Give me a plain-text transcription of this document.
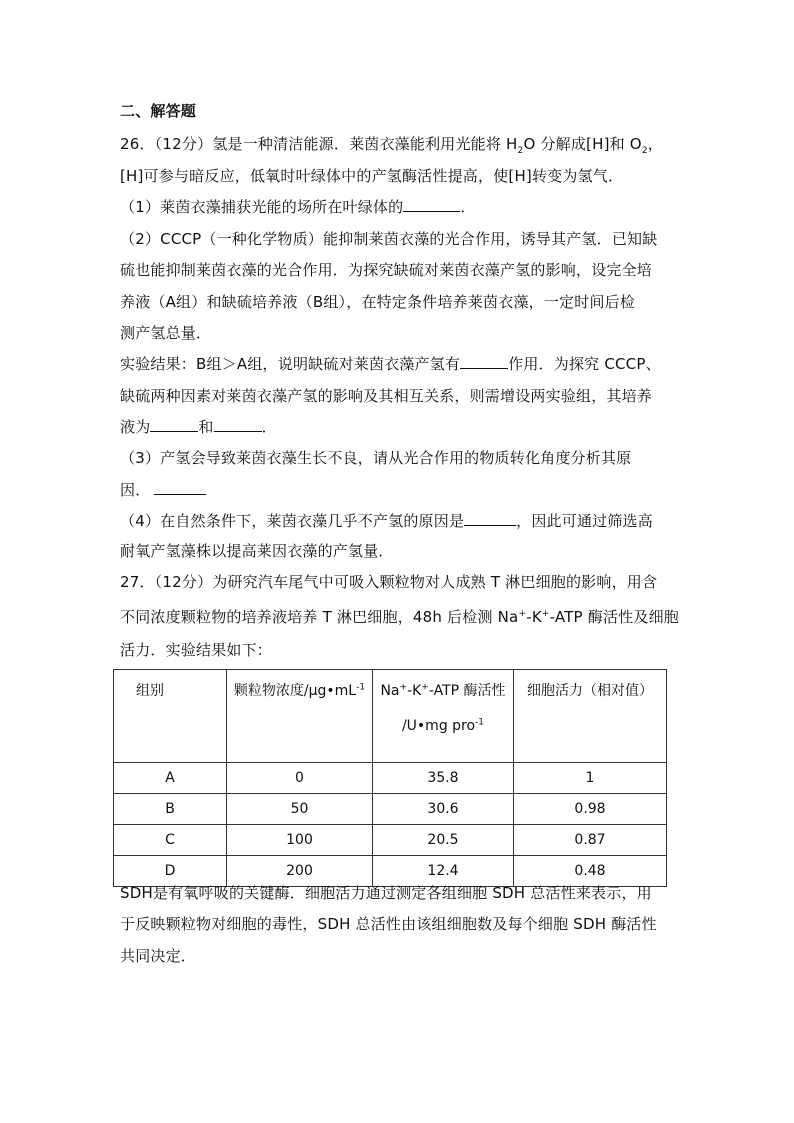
二、解答题
26．（12分）氢是一种清洁能源．莱茵衣藻能利用光能将 $H_2O$ 分解成[H]和 $O_2$，
[H]可参与暗反应，低氧时叶绿体中的产氢酶活性提高，使[H]转变为氢气．
（1）莱茵衣藻捕获光能的场所在叶绿体的	．
（2）CCCP（一种化学物质）能抑制莱茵衣藻的光合作用，诱导其产氢．已知缺
硫也能抑制莱茵衣藻的光合作用．为探究缺硫对莱茵衣藻产氢的影响，设完全培
养液（A组）和缺硫培养液（B组），在特定条件培养莱茵衣藻，一定时间后检
测产氢总量．
实验结果：B组＞A组，说明缺硫对莱茵衣藻产氢有	作用．为探究 CCCP、
缺硫两种因素对莱茵衣藻产氢的影响及其相互关系，则需增设两实验组，其培养
液为	和	．
（3）产氢会导致莱茵衣藻生长不良，请从光合作用的物质转化角度分析其原
因．
（4）在自然条件下，莱茵衣藻几乎不产氢的原因是	，因此可通过筛选高
耐氧产氢藻株以提高莱因衣藻的产氢量．
27．（12分）为研究汽车尾气中可吸入颗粒物对人成熟 T 淋巴细胞的影响，用含
不同浓度颗粒物的培养液培养 T 淋巴细胞，48h 后检测 Na+-K+-ATP 酶活性及细胞
活力．实验结果如下：
组别	颗粒物浓度$/\mu g•mL^{-1}$	Na+-K+-ATP 酶活性
/U•mg pro$^{-1}$	细胞活力（相对值）
A	0	35.8	1
B	50	30.6	0.98
C	100	20.5	0.87
D	200	12.4	0.48
SDH是有氧呼吸的关键酶．细胞活力通过测定各组细胞 SDH 总活性来表示，用
于反映颗粒物对细胞的毒性，SDH 总活性由该组细胞数及每个细胞 SDH 酶活性
共同决定．
